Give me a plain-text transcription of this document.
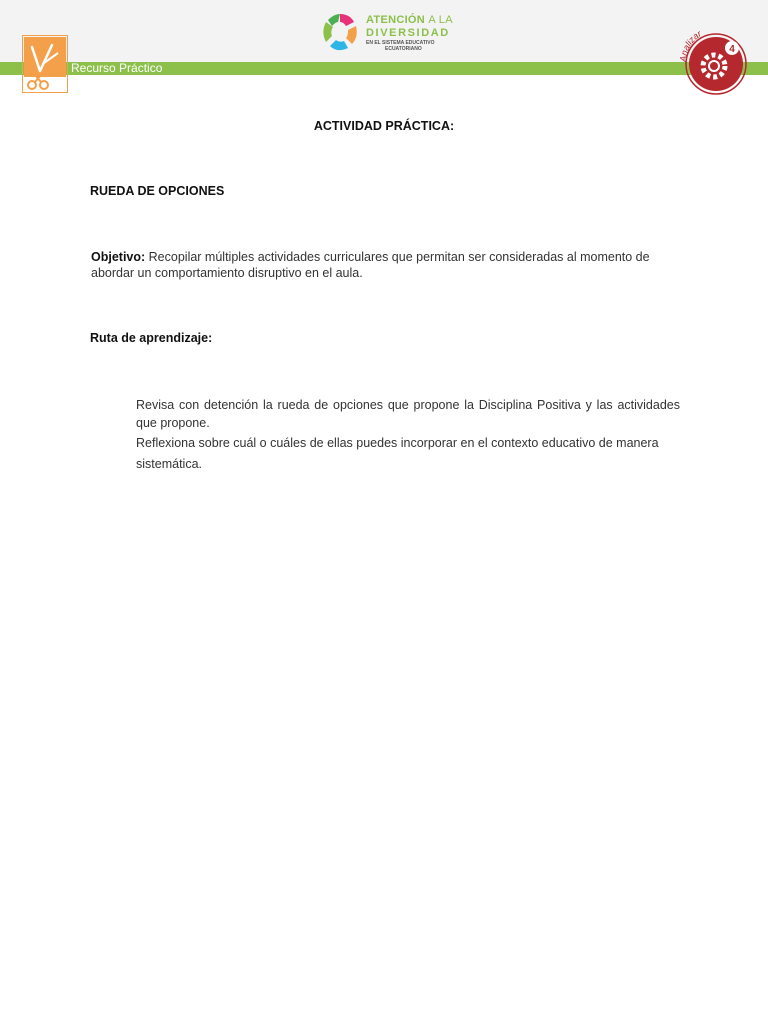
Recurso Práctico
ATENCIÓN A LA
DIVERSIDAD
EN EL SISTEMA EDUCATIVO
ECUATORIANO
Analizar
4
ACTIVIDAD PRÁCTICA:
RUEDA DE OPCIONES
Objetivo: Recopilar múltiples actividades curriculares que permitan ser consideradas al momento de abordar un comportamiento disruptivo en el aula.
Ruta de aprendizaje:
Revisa con detención la rueda de opciones que propone la Disciplina Positiva y las actividades que propone.
Reflexiona sobre cuál o cuáles de ellas puedes incorporar en el contexto educativo de manera sistemática.
